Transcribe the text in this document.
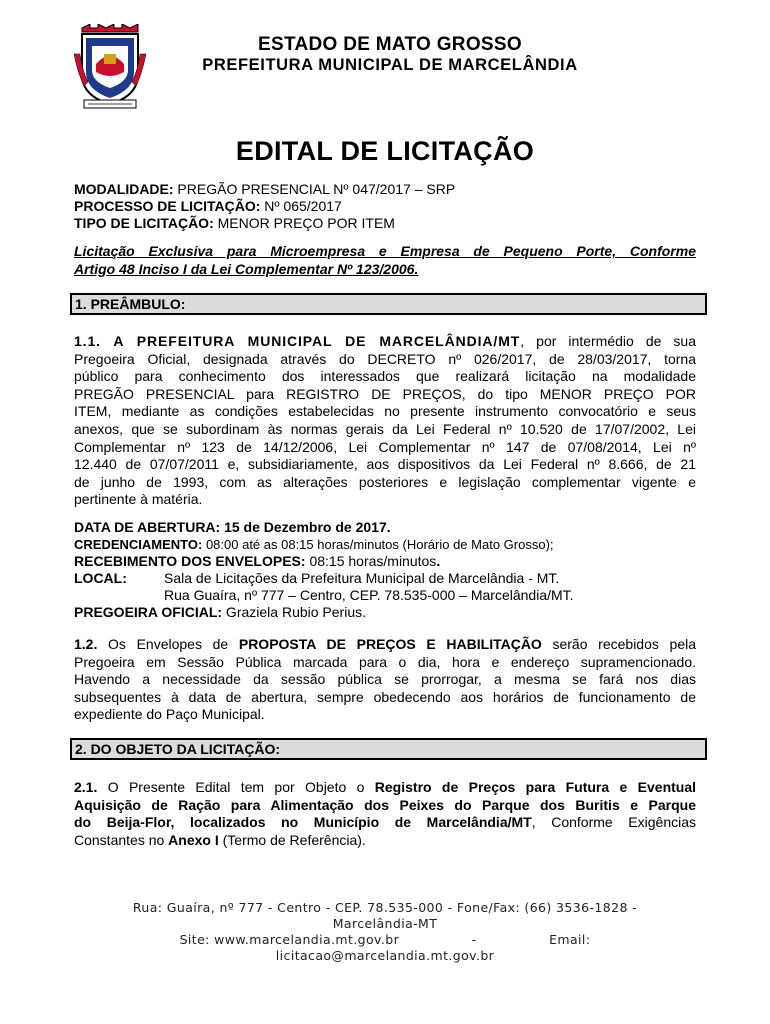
ESTADO DE MATO GROSSO
PREFEITURA MUNICIPAL DE MARCELÂNDIA
EDITAL DE LICITAÇÃO
MODALIDADE: PREGÃO PRESENCIAL Nº 047/2017 – SRP
PROCESSO DE LICITAÇÃO: Nº 065/2017
TIPO DE LICITAÇÃO: MENOR PREÇO POR ITEM
Licitação Exclusiva para Microempresa e Empresa de Pequeno Porte, Conforme
Artigo 48 Inciso I da Lei Complementar Nº 123/2006.
1. PREÂMBULO:
1.1. A PREFEITURA MUNICIPAL DE MARCELÂNDIA/MT, por intermédio de sua
Pregoeira Oficial, designada através do DECRETO nº 026/2017, de 28/03/2017, torna
público para conhecimento dos interessados que realizará licitação na modalidade
PREGÃO PRESENCIAL para REGISTRO DE PREÇOS, do tipo MENOR PREÇO POR
ITEM, mediante as condições estabelecidas no presente instrumento convocatório e seus
anexos, que se subordinam às normas gerais da Lei Federal nº 10.520 de 17/07/2002, Lei
Complementar nº 123 de 14/12/2006, Lei Complementar nº 147 de 07/08/2014, Lei nº
12.440 de 07/07/2011 e, subsidiariamente, aos dispositivos da Lei Federal nº 8.666, de 21
de junho de 1993, com as alterações posteriores e legislação complementar vigente e
pertinente à matéria.
DATA DE ABERTURA: 15 de Dezembro de 2017.
CREDENCIAMENTO: 08:00 até as 08:15 horas/minutos (Horário de Mato Grosso);
RECEBIMENTO DOS ENVELOPES: 08:15 horas/minutos.
LOCAL:	Sala de Licitações da Prefeitura Municipal de Marcelândia - MT.
Rua Guaíra, nº 777 – Centro, CEP. 78.535-000 – Marcelândia/MT.
PREGOEIRA OFICIAL: Graziela Rubio Perius.
1.2. Os Envelopes de PROPOSTA DE PREÇOS E HABILITAÇÃO serão recebidos pela
Pregoeira em Sessão Pública marcada para o dia, hora e endereço supramencionado.
Havendo a necessidade da sessão pública se prorrogar, a mesma se fará nos dias
subsequentes à data de abertura, sempre obedecendo aos horários de funcionamento de
expediente do Paço Municipal.
2. DO OBJETO DA LICITAÇÃO:
2.1. O Presente Edital tem por Objeto o Registro de Preços para Futura e Eventual
Aquisição de Ração para Alimentação dos Peixes do Parque dos Buritis e Parque
do Beija-Flor, localizados no Município de Marcelândia/MT, Conforme Exigências
Constantes no Anexo I (Termo de Referência).
Rua: Guaíra, nº 777 - Centro - CEP. 78.535-000 - Fone/Fax: (66) 3536-1828 -
Marcelândia-MT
Site: www.marcelandia.mt.gov.br	-	Email:
licitacao@marcelandia.mt.gov.br
